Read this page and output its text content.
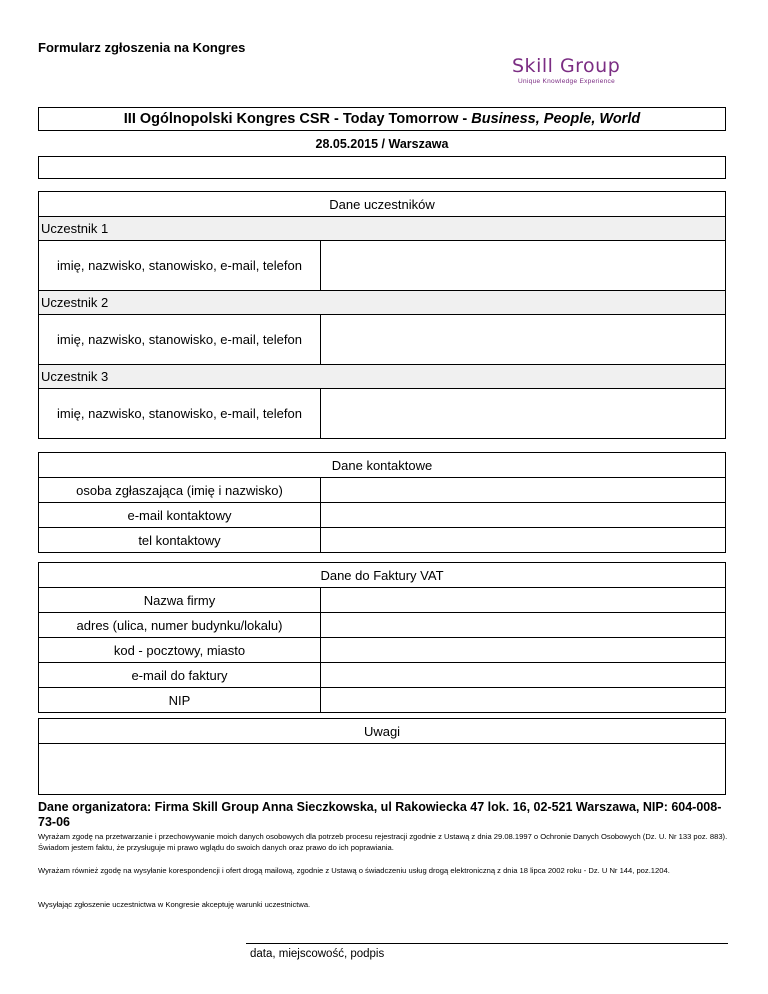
Formularz zgłoszenia na Kongres
Skill Group
Unique Knowledge Experience
III Ogólnopolski Kongres CSR - Today Tomorrow -
Business, People, World
28.05.2015 / Warszawa
Dane uczestników
Uczestnik 1
imię, nazwisko, stanowisko, e-mail, telefon
Uczestnik 2
imię, nazwisko, stanowisko, e-mail, telefon
Uczestnik 3
imię, nazwisko, stanowisko, e-mail, telefon
Dane kontaktowe
osoba zgłaszająca (imię i nazwisko)
e-mail kontaktowy
tel kontaktowy
Dane do Faktury VAT
Nazwa firmy
adres (ulica, numer budynku/lokalu)
kod - pocztowy, miasto
e-mail do faktury
NIP
Uwagi
Dane organizatora: Firma Skill Group Anna Sieczkowska, ul Rakowiecka 47 lok. 16, 02-521 Warszawa, NIP: 604-008-73-06
Wyrażam zgodę na przetwarzanie i przechowywanie moich danych osobowych dla potrzeb procesu rejestracji zgodnie z Ustawą z dnia 29.08.1997 o Ochronie Danych Osobowych (Dz. U. Nr 133 poz. 883). Świadom jestem faktu, że przysługuje mi prawo wglądu do swoich danych oraz prawo do ich poprawiania.
Wyrażam również zgodę na wysyłanie korespondencji i ofert drogą mailową, zgodnie z Ustawą o świadczeniu usług drogą elektroniczną z dnia 18 lipca 2002 roku - Dz. U Nr 144, poz.1204.
Wysyłając zgłoszenie uczestnictwa w Kongresie akceptuję warunki uczestnictwa.
data, miejscowość, podpis
